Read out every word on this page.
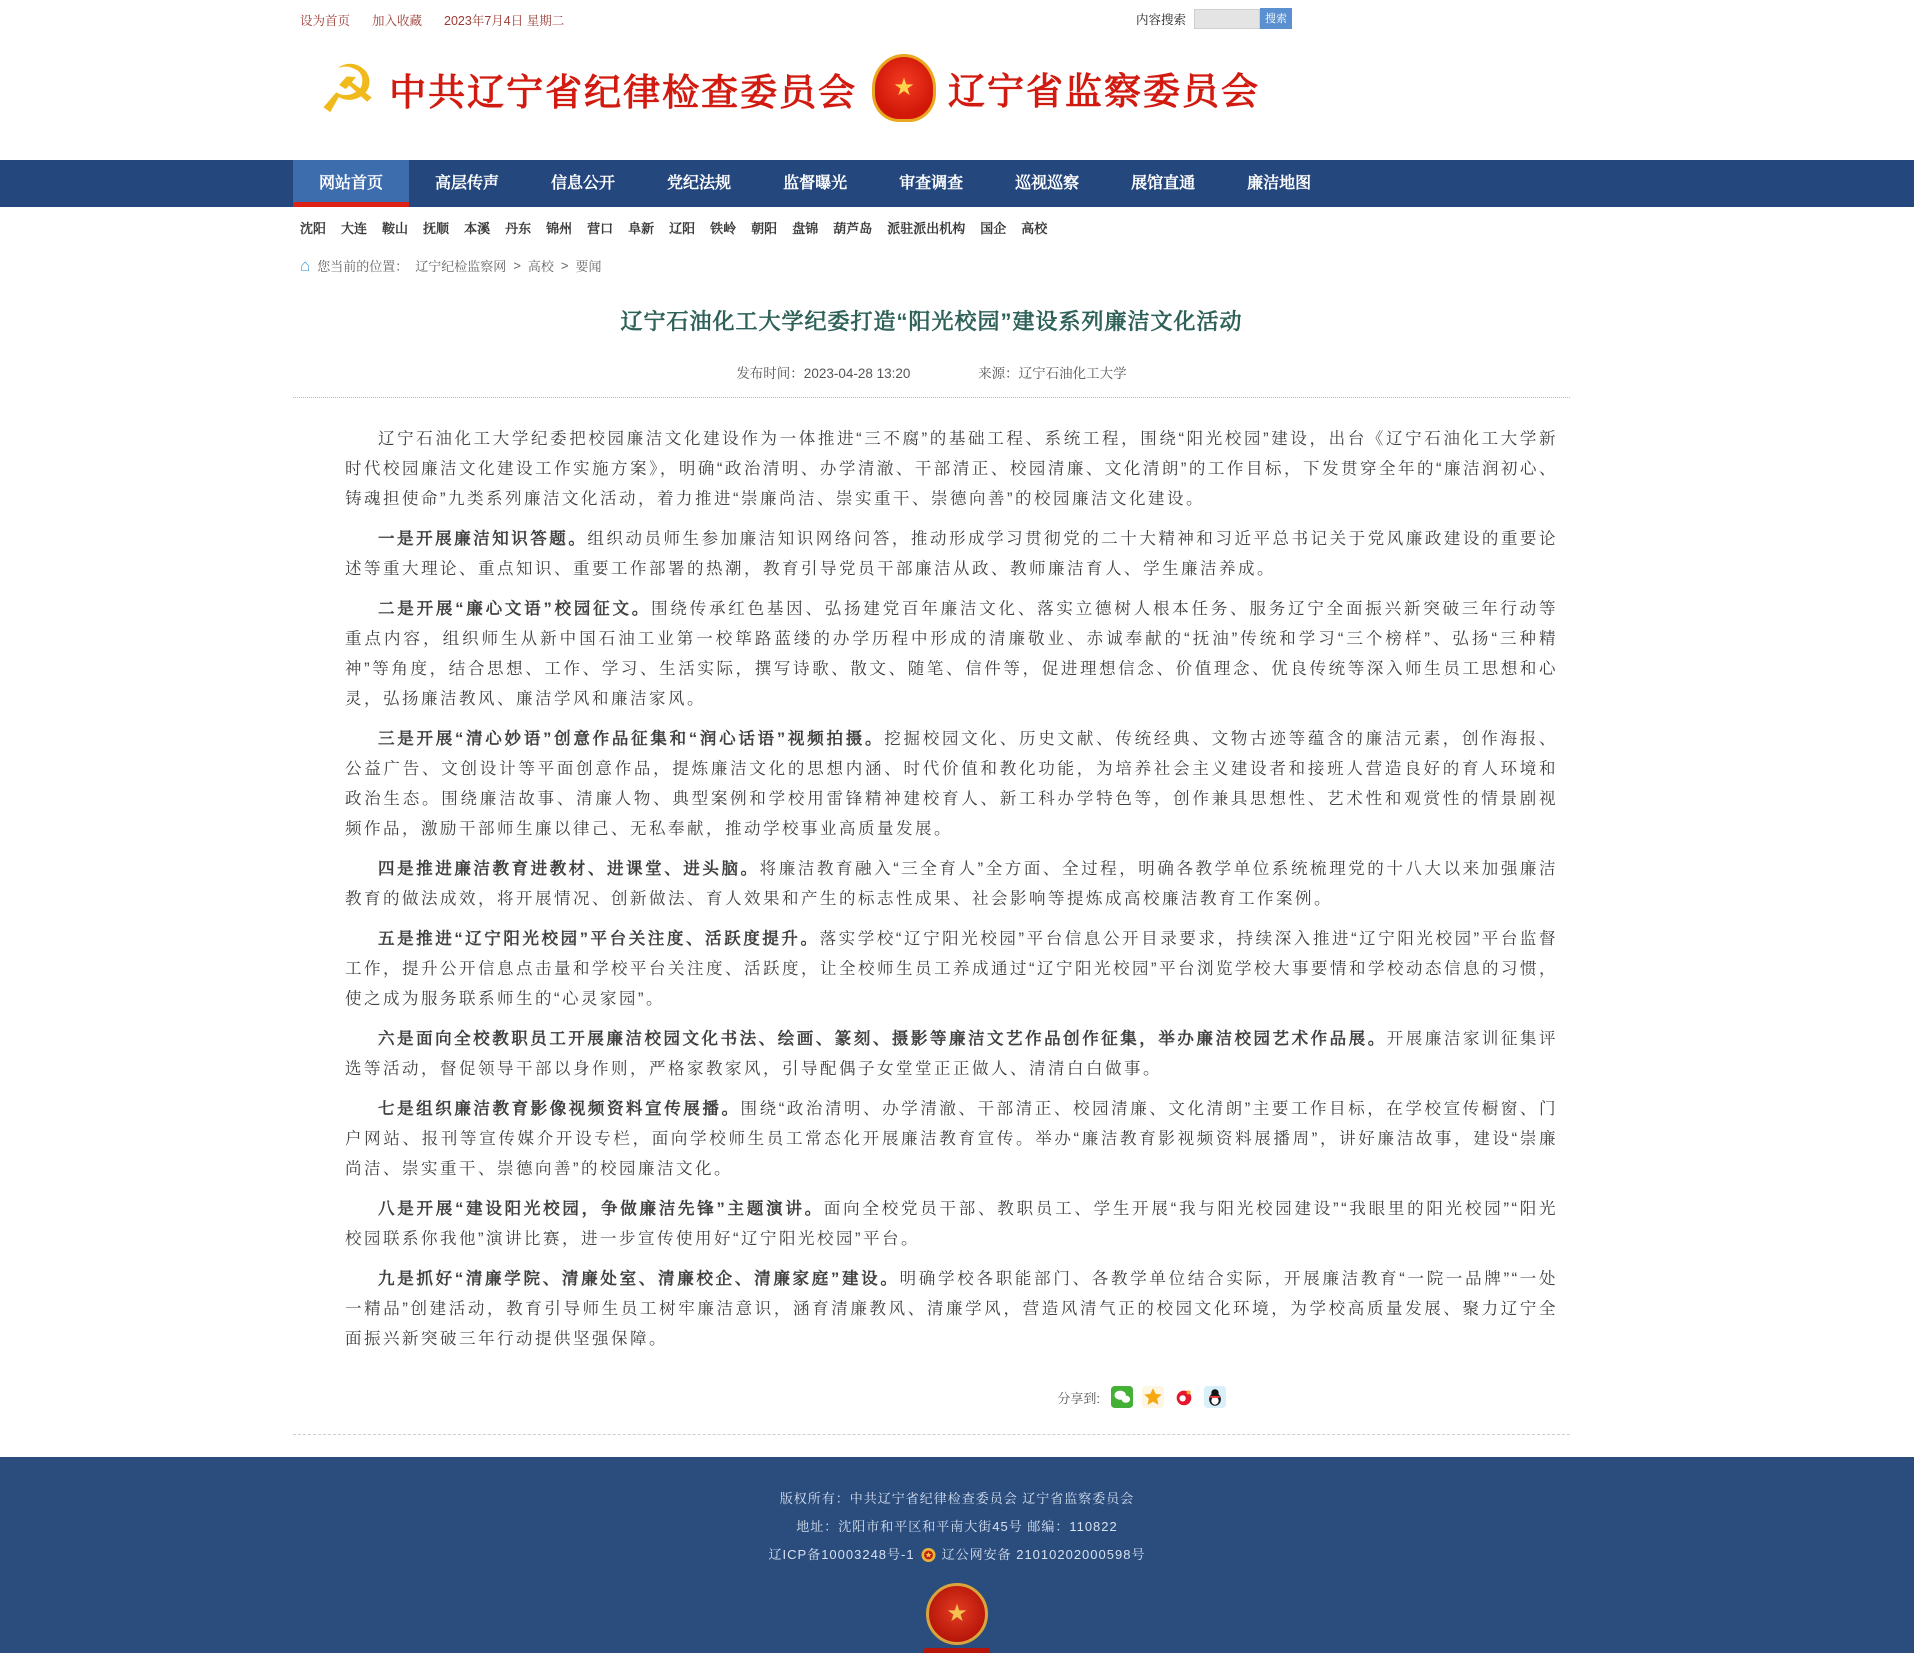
设为首页 加入收藏 2023年7月4日 星期二	内容搜索	搜索
☭ 中共辽宁省纪律检查委员会 ★ 辽宁省监察委员会
网站首页	高层传声	信息公开	党纪法规	监督曝光	审查调查	巡视巡察	展馆直通	廉洁地图
沈阳 大连 鞍山 抚顺 本溪 丹东 锦州 营口 阜新 辽阳 铁岭 朝阳 盘锦 葫芦岛 派驻派出机构 国企 高校
⌂ 您当前的位置： 辽宁纪检监察网 > 高校 > 要闻
辽宁石油化工大学纪委打造“阳光校园”建设系列廉洁文化活动
发布时间：2023-04-28 13:20	来源：辽宁石油化工大学

辽宁石油化工大学纪委把校园廉洁文化建设作为一体推进“三不腐”的基础工程、系统工程，围绕“阳光校园”建设，出台《辽宁石油化工大学新时代校园廉洁文化建设工作实施方案》，明确“政治清明、办学清澈、干部清正、校园清廉、文化清朗”的工作目标，下发贯穿全年的“廉洁润初心、铸魂担使命”九类系列廉洁文化活动，着力推进“崇廉尚洁、崇实重干、崇德向善”的校园廉洁文化建设。

一是开展廉洁知识答题。组织动员师生参加廉洁知识网络问答，推动形成学习贯彻党的二十大精神和习近平总书记关于党风廉政建设的重要论述等重大理论、重点知识、重要工作部署的热潮，教育引导党员干部廉洁从政、教师廉洁育人、学生廉洁养成。

二是开展“廉心文语”校园征文。围绕传承红色基因、弘扬建党百年廉洁文化、落实立德树人根本任务、服务辽宁全面振兴新突破三年行动等重点内容，组织师生从新中国石油工业第一校筚路蓝缕的办学历程中形成的清廉敬业、赤诚奉献的“抚油”传统和学习“三个榜样”、弘扬“三种精神”等角度，结合思想、工作、学习、生活实际，撰写诗歌、散文、随笔、信件等，促进理想信念、价值理念、优良传统等深入师生员工思想和心灵，弘扬廉洁教风、廉洁学风和廉洁家风。

三是开展“清心妙语”创意作品征集和“润心话语”视频拍摄。挖掘校园文化、历史文献、传统经典、文物古迹等蕴含的廉洁元素，创作海报、公益广告、文创设计等平面创意作品，提炼廉洁文化的思想内涵、时代价值和教化功能，为培养社会主义建设者和接班人营造良好的育人环境和政治生态。围绕廉洁故事、清廉人物、典型案例和学校用雷锋精神建校育人、新工科办学特色等，创作兼具思想性、艺术性和观赏性的情景剧视频作品，激励干部师生廉以律己、无私奉献，推动学校事业高质量发展。

四是推进廉洁教育进教材、进课堂、进头脑。将廉洁教育融入“三全育人”全方面、全过程，明确各教学单位系统梳理党的十八大以来加强廉洁教育的做法成效，将开展情况、创新做法、育人效果和产生的标志性成果、社会影响等提炼成高校廉洁教育工作案例。

五是推进“辽宁阳光校园”平台关注度、活跃度提升。落实学校“辽宁阳光校园”平台信息公开目录要求，持续深入推进“辽宁阳光校园”平台监督工作，提升公开信息点击量和学校平台关注度、活跃度，让全校师生员工养成通过“辽宁阳光校园”平台浏览学校大事要情和学校动态信息的习惯，使之成为服务联系师生的“心灵家园”。

六是面向全校教职员工开展廉洁校园文化书法、绘画、篆刻、摄影等廉洁文艺作品创作征集，举办廉洁校园艺术作品展。开展廉洁家训征集评选等活动，督促领导干部以身作则，严格家教家风，引导配偶子女堂堂正正做人、清清白白做事。

七是组织廉洁教育影像视频资料宣传展播。围绕“政治清明、办学清澈、干部清正、校园清廉、文化清朗”主要工作目标，在学校宣传橱窗、门户网站、报刊等宣传媒介开设专栏，面向学校师生员工常态化开展廉洁教育宣传。举办“廉洁教育影视频资料展播周”，讲好廉洁故事，建设“崇廉尚洁、崇实重干、崇德向善”的校园廉洁文化。

八是开展“建设阳光校园，争做廉洁先锋”主题演讲。面向全校党员干部、教职员工、学生开展“我与阳光校园建设”“我眼里的阳光校园”“阳光校园联系你我他”演讲比赛，进一步宣传使用好“辽宁阳光校园”平台。

九是抓好“清廉学院、清廉处室、清廉校企、清廉家庭”建设。明确学校各职能部门、各教学单位结合实际，开展廉洁教育“一院一品牌”“一处一精品”创建活动，教育引导师生员工树牢廉洁意识，涵育清廉教风、清廉学风，营造风清气正的校园文化环境，为学校高质量发展、聚力辽宁全面振兴新突破三年行动提供坚强保障。

分享到:

版权所有：中共辽宁省纪律检查委员会 辽宁省监察委员会

地址：沈阳市和平区和平南大街45号 邮编：110822

辽ICP备10003248号-1 辽公网安备 21010202000598号

★
